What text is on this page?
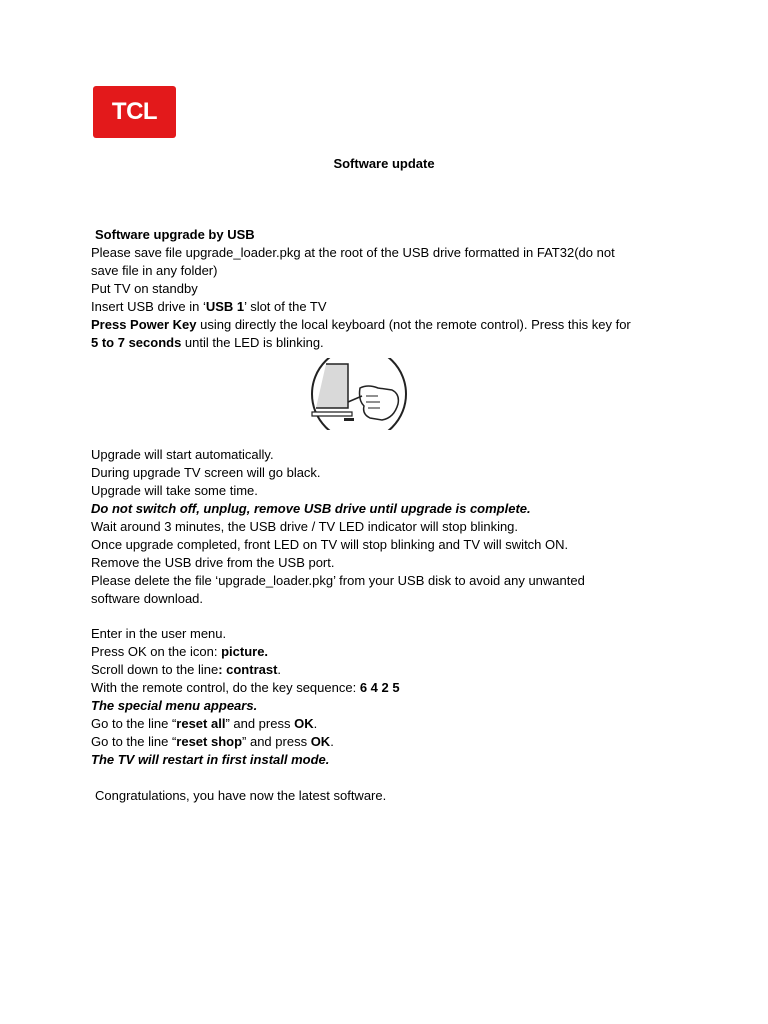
TCL
Software update
Software upgrade by USB
Please save file upgrade_loader.pkg at the root of the USB drive formatted in FAT32(do not
save file in any folder)
Put TV on standby
Insert USB drive in ‘USB 1’ slot of the TV
Press Power Key using directly the local keyboard (not the remote control). Press this key for
5 to 7 seconds until the LED is blinking.
Upgrade will start automatically.
During upgrade TV screen will go black.
Upgrade will take some time.
Do not switch off, unplug, remove USB drive until upgrade is complete.
Wait around 3 minutes, the USB drive / TV LED indicator will stop blinking.
Once upgrade completed, front LED on TV will stop blinking and TV will switch ON.
Remove the USB drive from the USB port.
Please delete the file ‘upgrade_loader.pkg’ from your USB disk to avoid any unwanted
software download.
Enter in the user menu.
Press OK on the icon: picture.
Scroll down to the line: contrast.
With the remote control, do the key sequence: 6 4 2 5
The special menu appears.
Go to the line “reset all” and press OK.
Go to the line “reset shop” and press OK.
The TV will restart in first install mode.
Congratulations, you have now the latest software.
